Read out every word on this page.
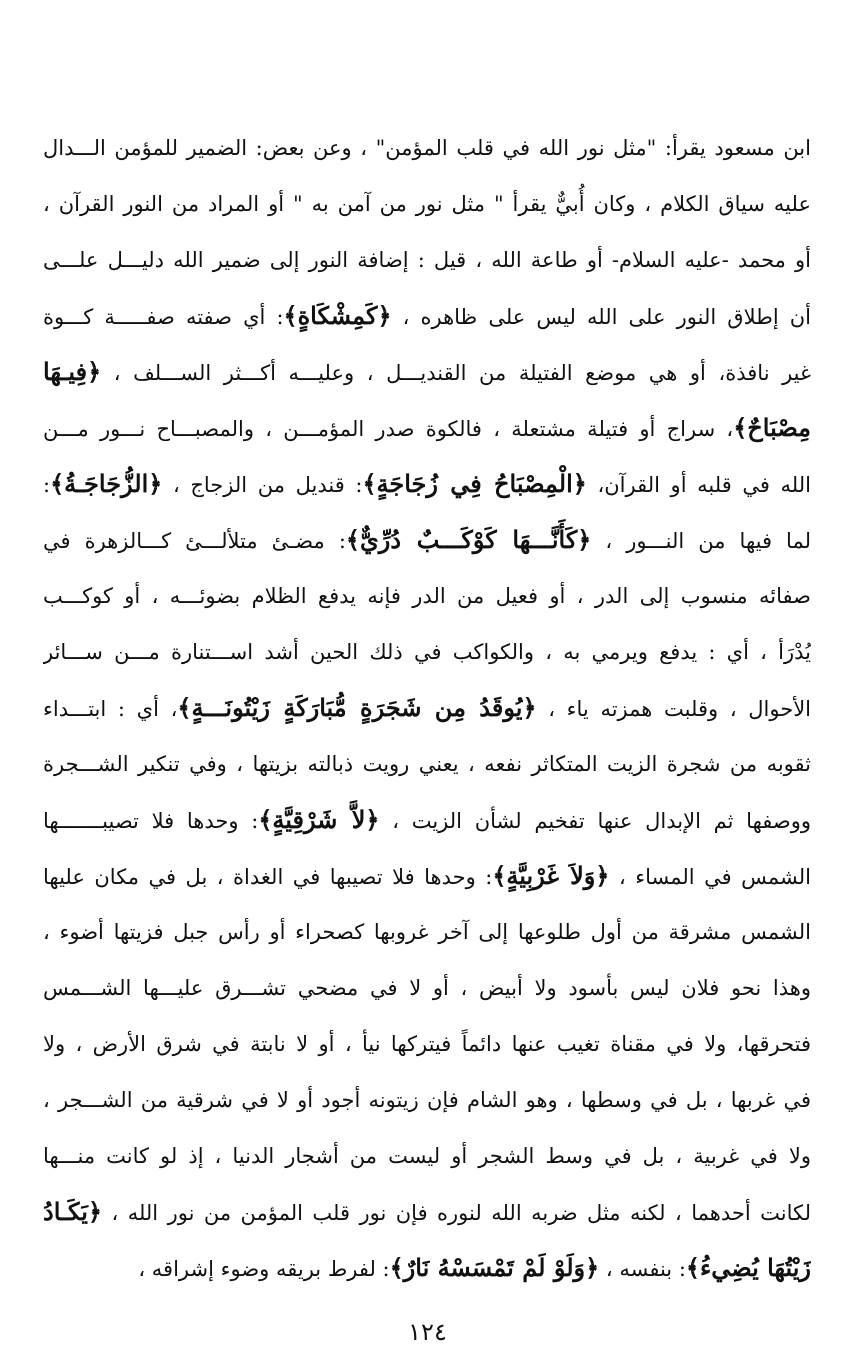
ابن مسعود يقرأ: "مثل نور الله في قلب المؤمن" ، وعن بعض: الضمير للمؤمن الـــدال
عليه سياق الكلام ، وكان أُبيٌّ يقرأ " مثل نور من آمن به " أو المراد من النور القرآن ،
أو محمد -عليه السلام- أو طاعة الله ، قيل : إضافة النور إلى ضمير الله دليـــل علـــى
أن إطلاق النور على الله ليس على ظاهره ، ﴿كَمِشْكَاةٍ﴾: أي صفته صفـــــة كـــوة
غير نافذة، أو هي موضع الفتيلة من القنديـــل ، وعليـــه أكـــثر الســـلف ، ﴿فِيـهَا
مِصْبَاحٌ﴾، سراج أو فتيلة مشتعلة ، فالكوة صدر المؤمـــن ، والمصبـــاح نـــور مـــن
الله في قلبه أو القرآن، ﴿الْمِصْبَاحُ فِي زُجَاجَةٍ﴾: قنديل من الزجاج ، ﴿الزُّجَاجَـةُ﴾:
لما فيها من النـــور ، ﴿كَأَنَّـــهَا كَوْكَـــبٌ دُرِّيٌّ﴾: مضـئ متلألـــئ كـــالزهرة في
صفائه منسوب إلى الدر ، أو فعيل من الدر فإنه يدفع الظلام بضوئـــه ، أو كوكـــب
يُدْرَأ ، أي : يدفع ويرمي به ، والكواكب في ذلك الحين أشد اســـتنارة مـــن ســـائر
الأحوال ، وقلبت همزته ياء ، ﴿يُوقَدُ مِن شَجَرَةٍ مُّبَارَكَةٍ زَيْتُونَـــةٍ﴾، أي : ابتـــداء
ثقوبه من شجرة الزيت المتكاثر نفعه ، يعني رويت ذبالته بزيتها ، وفي تنكير الشـــجرة
ووصفها ثم الإبدال عنها تفخيم لشأن الزيت ، ﴿لاَّ شَرْقِيَّةٍ﴾: وحدها فلا تصيبـــــــها
الشمس في المساء ، ﴿وَلاَ غَرْبِيَّةٍ﴾: وحدها فلا تصيبها في الغداة ، بل في مكان عليها
الشمس مشرقة من أول طلوعها إلى آخر غروبها كصحراء أو رأس جبل فزيتها أضوء ،
وهذا نحو فلان ليس بأسود ولا أبيض ، أو لا في مضحي تشـــرق عليـــها الشـــمس
فتحرقها، ولا في مقناة تغيب عنها دائماً فيتركها نيأ ، أو لا نابتة في شرق الأرض ، ولا
في غربها ، بل في وسطها ، وهو الشام فإن زيتونه أجود أو لا في شرقية من الشـــجر ،
ولا في غربية ، بل في وسط الشجر أو ليست من أشجار الدنيا ، إذ لو كانت منـــها
لكانت أحدهما ، لكنه مثل ضربه الله لنوره فإن نور قلب المؤمن من نور الله ، ﴿يَكَـادُ
زَيْتُهَا يُضِيءُ﴾: بنفسه ، ﴿وَلَوْ لَمْ تَمْسَسْهُ نَارٌ﴾: لفرط بريقه وضوء إشراقه ،
١٢٤
